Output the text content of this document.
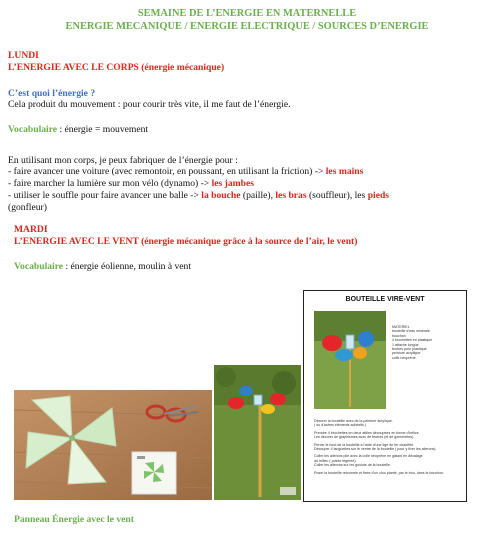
SEMAINE DE L’ENERGIE EN MATERNELLE
ENERGIE MECANIQUE / ENERGIE ELECTRIQUE / SOURCES D’ENERGIE
LUNDI
L’ENERGIE AVEC LE CORPS (énergie mécanique)
C’est quoi l’énergie ?
Cela produit du mouvement : pour courir très vite, il me faut de l’énergie.
Vocabulaire : énergie = mouvement
En utilisant mon corps, je peux fabriquer de l’énergie pour :
- faire avancer une voiture (avec remontoir, en poussant, en utilisant la friction) -> les mains
- faire marcher la lumière sur mon vélo (dynamo) -> les jambes
- utiliser le souffle pour faire avancer une balle -> la bouche (paille), les bras (souffleur), les pieds
(gonfleur)
MARDI
L’ENERGIE AVEC LE VENT (énergie mécanique grâce à la source de l’air, le vent)
Vocabulaire : énergie éolienne, moulin à vent
BOUTEILLE VIRE-VENT
MATERIEL
bouteille d'eau minérale
bouchon
4 brochettes en plastique
1 attache longue
feutres pour plastique
peinture acrylique
colle néoprène
Décorer la bouteille avec de la peinture acrylique.
( ou d'autres éléments adhésifs )
Prendre 4 brochettes en deux attiles découpées en forme d'hélice.
Les décorer de graphismes avec de feutres (et de gommettes).
Percer le fond de la bouteille à l'aide d'une tige de fer chauffée.
Découper 4 languettes sur le ventre de la bouteille ( pour y fixer les ailerons).
Coller les ailerons plié avec la colle néoprène en gâtant en décalage
du milieu ( pointe légèrée).
Coller les ailerons sur les goulots de la bouteille.
Poser la bouteille retournée et fixée d'un clou planté, par le trou, dans le bouchon.
Panneau Énergie avec le vent
